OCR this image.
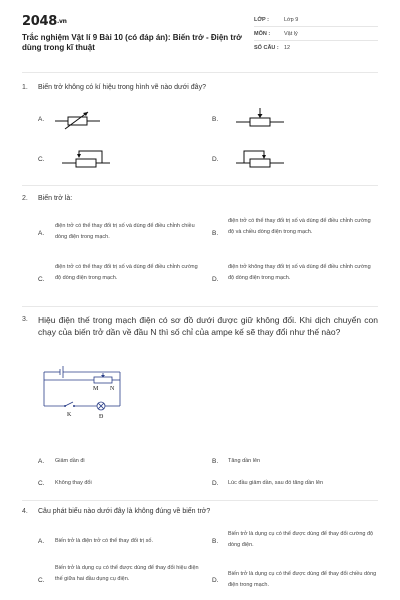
2048.vn
Trắc nghiệm Vật lí 9 Bài 10 (có đáp án): Biến trở - Điện trở dùng trong kĩ thuật
LỚP :	Lớp 9
MÔN :	Vật lý
SỐ CÂU : 12
1. Biến trở không có kí hiệu trong hình vẽ nào dưới đây?
A.	B.
C.	D.
2. Biến trở là:
A.
điện trở có thể thay đổi trị số và dùng để điều chỉnh chiều dòng điện trong mạch.	B.
điện trở có thể thay đổi trị số và dùng để điều chỉnh cường độ và chiều dòng điện trong mạch.
C.
điện trở có thể thay đổi trị số và dùng để điều chỉnh cường độ dòng điện trong mạch.	D.
điện trở không thay đổi trị số và dùng để điều chỉnh cường độ dòng điện trong mạch.
3. Hiệu điện thế trong mạch điện có sơ đồ dưới được giữ không đổi. Khi dịch chuyển con chạy của biến trở dần về đầu N thì số chỉ của ampe kế sẽ thay đổi như thế nào?
M N
K	Đ
A. Giảm dần đi	B. Tăng dần lên
C. Không thay đổi	D. Lúc đầu giảm dần, sau đó tăng dần lên
4. Câu phát biểu nào dưới đây là không đúng về biến trở?
A. Biến trở là điện trở có thể thay đổi trị số.	B.
Biến trở là dụng cụ có thể được dùng để thay đổi cường độ dòng điện.
C.
Biến trở là dụng cụ có thể được dùng để thay đổi hiệu điện thế giữa hai đầu dụng cụ điện.	D.
Biến trở là dụng cụ có thể được dùng để thay đổi chiều dòng điện trong mạch.
